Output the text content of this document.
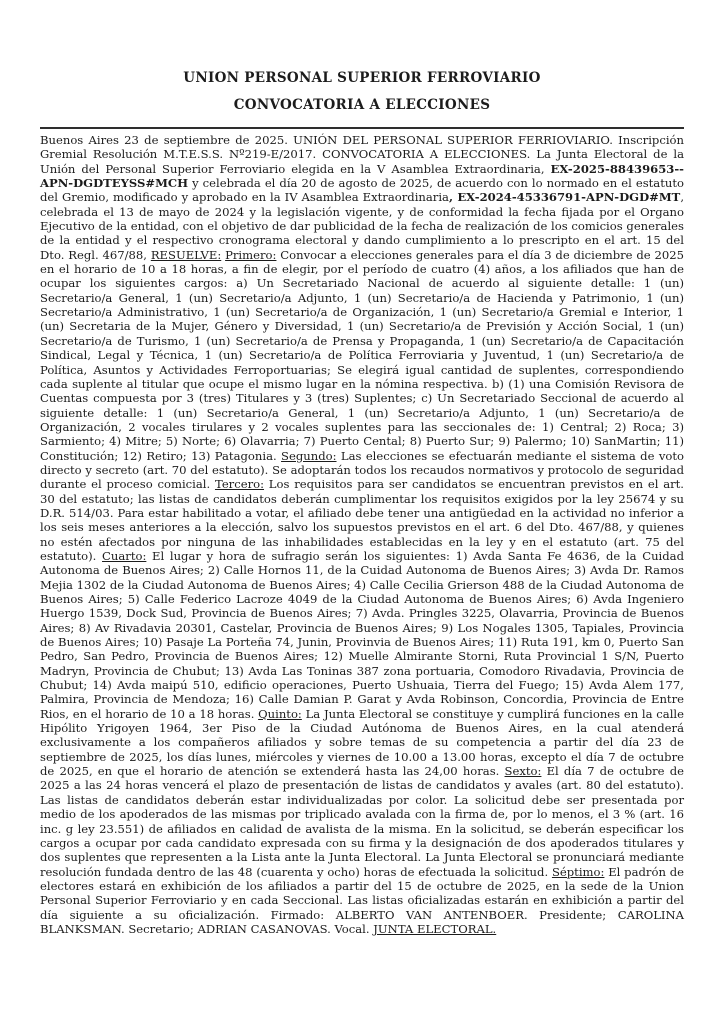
UNION PERSONAL SUPERIOR FERROVIARIO
CONVOCATORIA A ELECCIONES

Buenos Aires 23 de septiembre de 2025. UNIÓN DEL PERSONAL SUPERIOR FERRIOVIARIO. Inscripción Gremial Resolución M.T.E.S.S. Nº219-E/2017. CONVOCATORIA A ELECCIONES. La Junta Electoral de la Unión del Personal Superior Ferroviario elegida en la V Asamblea Extraordinaria, EX-2025-88439653--APN-DGDTEYSS#MCH y celebrada el día 20 de agosto de 2025, de acuerdo con lo normado en el estatuto del Gremio, modificado y aprobado en la IV Asamblea Extraordinaria, EX-2024-45336791-APN-DGD#MT, celebrada el 13 de mayo de 2024 y la legislación vigente, y de conformidad la fecha fijada por el Organo Ejecutivo de la entidad, con el objetivo de dar publicidad de la fecha de realización de los comicios generales de la entidad y el respectivo cronograma electoral y dando cumplimiento a lo prescripto en el art. 15 del Dto. Regl. 467/88, RESUELVE: Primero: Convocar a elecciones generales para el día 3 de diciembre de 2025 en el horario de 10 a 18 horas, a fin de elegir, por el período de cuatro (4) años, a los afiliados que han de ocupar los siguientes cargos: a) Un Secretariado Nacional de acuerdo al siguiente detalle: 1 (un) Secretario/a General, 1 (un) Secretario/a Adjunto, 1 (un) Secretario/a de Hacienda y Patrimonio, 1 (un) Secretario/a Administrativo, 1 (un) Secretario/a de Organización, 1 (un) Secretario/a Gremial e Interior, 1 (un) Secretaria de la Mujer, Género y Diversidad, 1 (un) Secretario/a de Previsión y Acción Social, 1 (un) Secretario/a de Turismo, 1 (un) Secretario/a de Prensa y Propaganda, 1 (un) Secretario/a de Capacitación Sindical, Legal y Técnica, 1 (un) Secretario/a de Política Ferroviaria y Juventud, 1 (un) Secretario/a de Política, Asuntos y Actividades Ferroportuarias; Se elegirá igual cantidad de suplentes, correspondiendo cada suplente al titular que ocupe el mismo lugar en la nómina respectiva. b) (1) una Comisión Revisora de Cuentas compuesta por 3 (tres) Titulares y 3 (tres) Suplentes; c) Un Secretariado Seccional de acuerdo al siguiente detalle: 1 (un) Secretario/a General, 1 (un) Secretario/a Adjunto, 1 (un) Secretario/a de Organización, 2 vocales tirulares y 2 vocales suplentes para las seccionales de: 1) Central; 2) Roca; 3) Sarmiento; 4) Mitre; 5) Norte; 6) Olavarria; 7) Puerto Cental; 8) Puerto Sur; 9) Palermo; 10) SanMartin; 11) Constitución; 12) Retiro; 13) Patagonia. Segundo: Las elecciones se efectuarán mediante el sistema de voto directo y secreto (art. 70 del estatuto). Se adoptarán todos los recaudos normativos y protocolo de seguridad durante el proceso comicial. Tercero: Los requisitos para ser candidatos se encuentran previstos en el art. 30 del estatuto; las listas de candidatos deberán cumplimentar los requisitos exigidos por la ley 25674 y su D.R. 514/03. Para estar habilitado a votar, el afiliado debe tener una antigüedad en la actividad no inferior a los seis meses anteriores a la elección, salvo los supuestos previstos en el art. 6 del Dto. 467/88, y quienes no estén afectados por ninguna de las inhabilidades establecidas en la ley y en el estatuto (art. 75 del estatuto). Cuarto: El lugar y hora de sufragio serán los siguientes: 1) Avda Santa Fe 4636, de la Cuidad Autonoma de Buenos Aires; 2) Calle Hornos 11, de la Cuidad Autonoma de Buenos Aires; 3) Avda Dr. Ramos Mejia 1302 de la Ciudad Autonoma de Buenos Aires; 4) Calle Cecilia Grierson 488 de la Ciudad Autonoma de Buenos Aires; 5) Calle Federico Lacroze 4049 de la Ciudad Autonoma de Buenos Aires; 6) Avda Ingeniero Huergo 1539, Dock Sud, Provincia de Buenos Aires; 7) Avda. Pringles 3225, Olavarria, Provincia de Buenos Aires; 8) Av Rivadavia 20301, Castelar, Provincia de Buenos Aires; 9) Los Nogales 1305, Tapiales, Provincia de Buenos Aires; 10) Pasaje La Porteña 74, Junin, Provinvia de Buenos Aires; 11) Ruta 191, km 0, Puerto San Pedro, San Pedro, Provincia de Buenos Aires; 12) Muelle Almirante Storni, Ruta Provincial 1 S/N, Puerto Madryn, Provincia de Chubut; 13) Avda Las Toninas 387 zona portuaria, Comodoro Rivadavia, Provincia de Chubut; 14) Avda maipú 510, edificio operaciones, Puerto Ushuaia, Tierra del Fuego; 15) Avda Alem 177, Palmira, Provincia de Mendoza; 16) Calle Damian P. Garat y Avda Robinson, Concordia, Provincia de Entre Rios, en el horario de 10 a 18 horas. Quinto: La Junta Electoral se constituye y cumplirá funciones en la calle Hipólito Yrigoyen 1964, 3er Piso de la Ciudad Autónoma de Buenos Aires, en la cual atenderá exclusivamente a los compañeros afiliados y sobre temas de su competencia a partir del día 23 de septiembre de 2025, los días lunes, miércoles y viernes de 10.00 a 13.00 horas, excepto el día 7 de octubre de 2025, en que el horario de atención se extenderá hasta las 24,00 horas. Sexto: El día 7 de octubre de 2025 a las 24 horas vencerá el plazo de presentación de listas de candidatos y avales (art. 80 del estatuto). Las listas de candidatos deberán estar individualizadas por color. La solicitud debe ser presentada por medio de los apoderados de las mismas por triplicado avalada con la firma de, por lo menos, el 3 % (art. 16 inc. g ley 23.551) de afiliados en calidad de avalista de la misma. En la solicitud, se deberán especificar los cargos a ocupar por cada candidato expresada con su firma y la designación de dos apoderados titulares y dos suplentes que representen a la Lista ante la Junta Electoral. La Junta Electoral se pronunciará mediante resolución fundada dentro de las 48 (cuarenta y ocho) horas de efectuada la solicitud. Séptimo: El padrón de electores estará en exhibición de los afiliados a partir del 15 de octubre de 2025, en la sede de la Union Personal Superior Ferroviario y en cada Seccional. Las listas oficializadas estarán en exhibición a partir del día siguiente a su oficialización. Firmado: ALBERTO VAN ANTENBOER. Presidente; CAROLINA BLANKSMAN. Secretario; ADRIAN CASANOVAS. Vocal. JUNTA ELECTORAL.
